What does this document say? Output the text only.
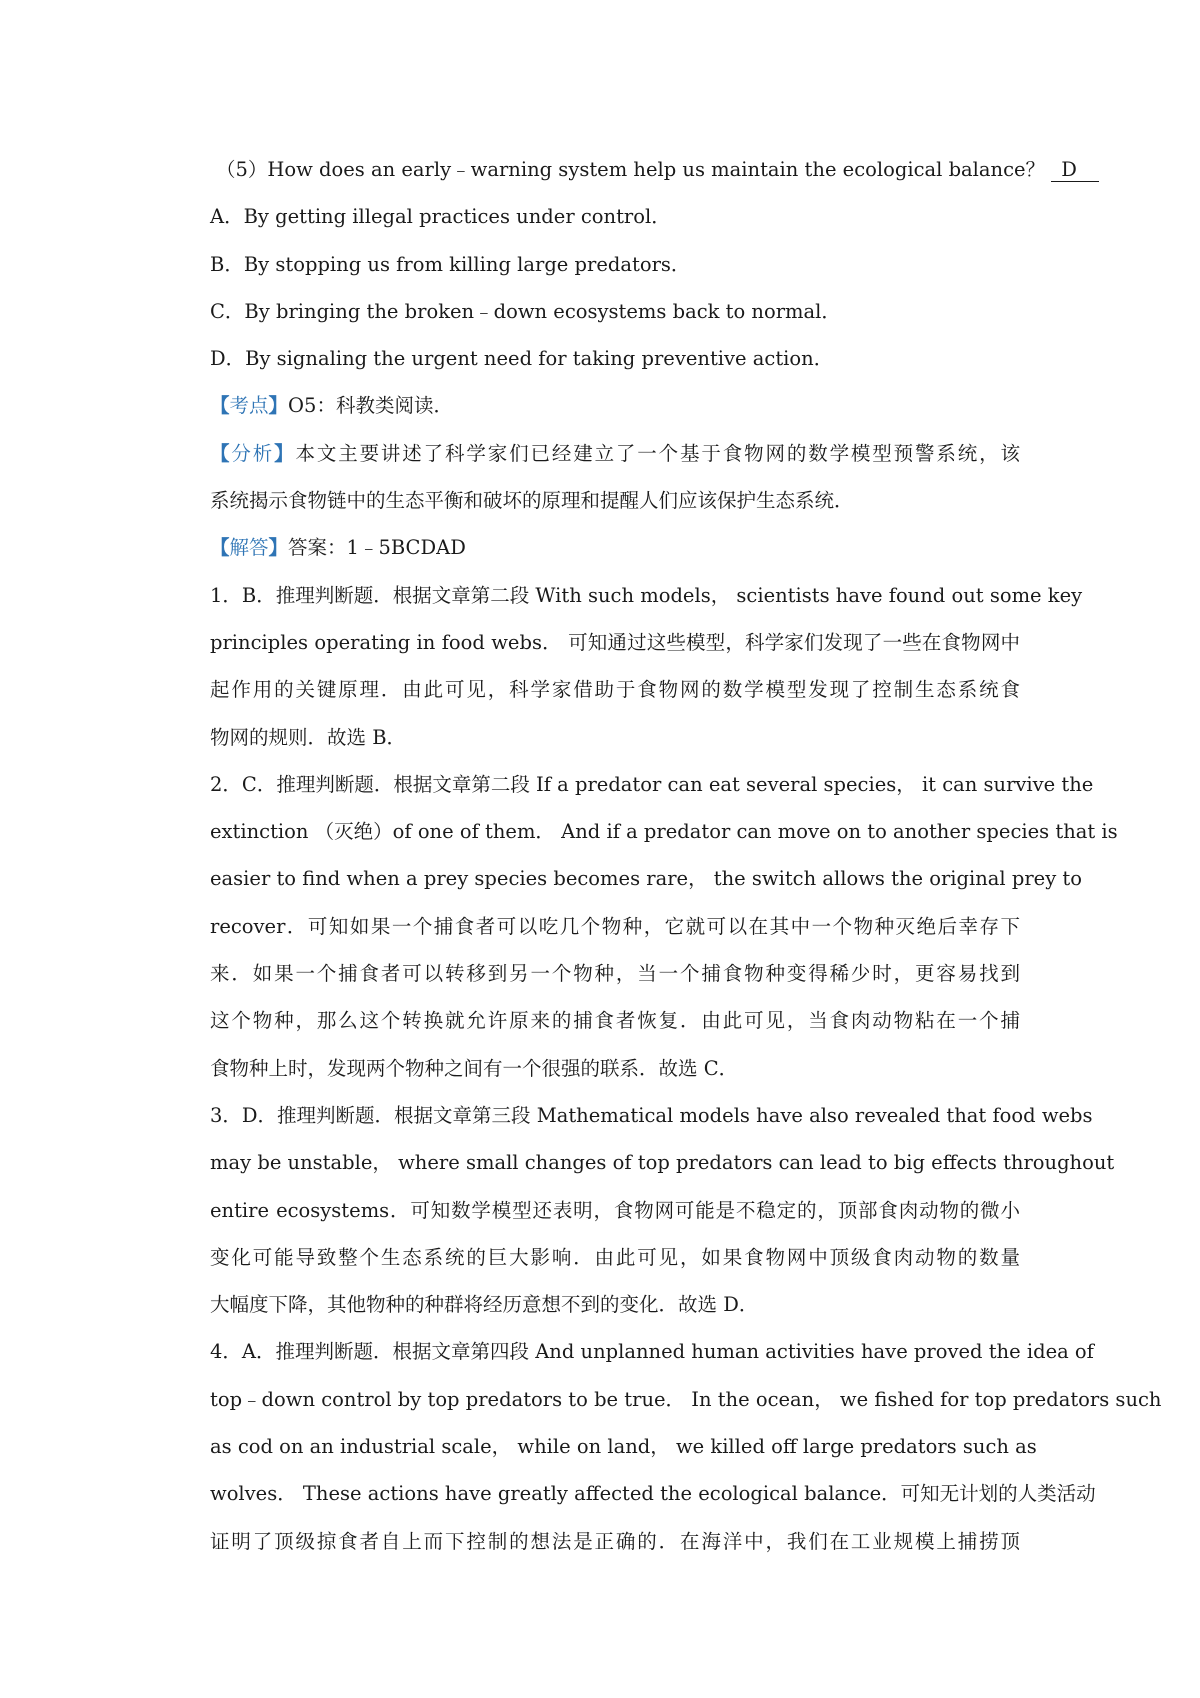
（5）How does an early﹣warning system help us maintain the ecological balance？ D
A．By getting illegal practices under control．
B．By stopping us from killing large predators．
C．By bringing the broken﹣down ecosystems back to normal．
D．By signaling the urgent need for taking preventive action．
【考点】O5：科教类阅读．
【分析】本文主要讲述了科学家们已经建立了一个基于食物网的数学模型预警系统，该
系统揭示食物链中的生态平衡和破坏的原理和提醒人们应该保护生态系统．
【解答】答案：1﹣5BCDAD
1．B．推理判断题．根据文章第二段 With such models， scientists have found out some key
principles operating in food webs． 可知通过这些模型，科学家们发现了一些在食物网中
起作用的关键原理．由此可见，科学家借助于食物网的数学模型发现了控制生态系统食
物网的规则．故选 B．
2．C．推理判断题．根据文章第二段 If a predator can eat several species， it can survive the
extinction （灭绝）of one of them． And if a predator can move on to another species that is
easier to find when a prey species becomes rare， the switch allows the original prey to
recover．可知如果一个捕食者可以吃几个物种，它就可以在其中一个物种灭绝后幸存下
来．如果一个捕食者可以转移到另一个物种，当一个捕食物种变得稀少时，更容易找到
这个物种，那么这个转换就允许原来的捕食者恢复．由此可见，当食肉动物粘在一个捕
食物种上时，发现两个物种之间有一个很强的联系．故选 C．
3．D．推理判断题．根据文章第三段 Mathematical models have also revealed that food webs
may be unstable， where small changes of top predators can lead to big effects throughout
entire ecosystems．可知数学模型还表明，食物网可能是不稳定的，顶部食肉动物的微小
变化可能导致整个生态系统的巨大影响．由此可见，如果食物网中顶级食肉动物的数量
大幅度下降，其他物种的种群将经历意想不到的变化．故选 D．
4．A．推理判断题．根据文章第四段 And unplanned human activities have proved the idea of
top﹣down control by top predators to be true． In the ocean， we fished for top predators such
as cod on an industrial scale， while on land， we killed off large predators such as
wolves． These actions have greatly affected the ecological balance．可知无计划的人类活动
证明了顶级掠食者自上而下控制的想法是正确的．在海洋中，我们在工业规模上捕捞顶
